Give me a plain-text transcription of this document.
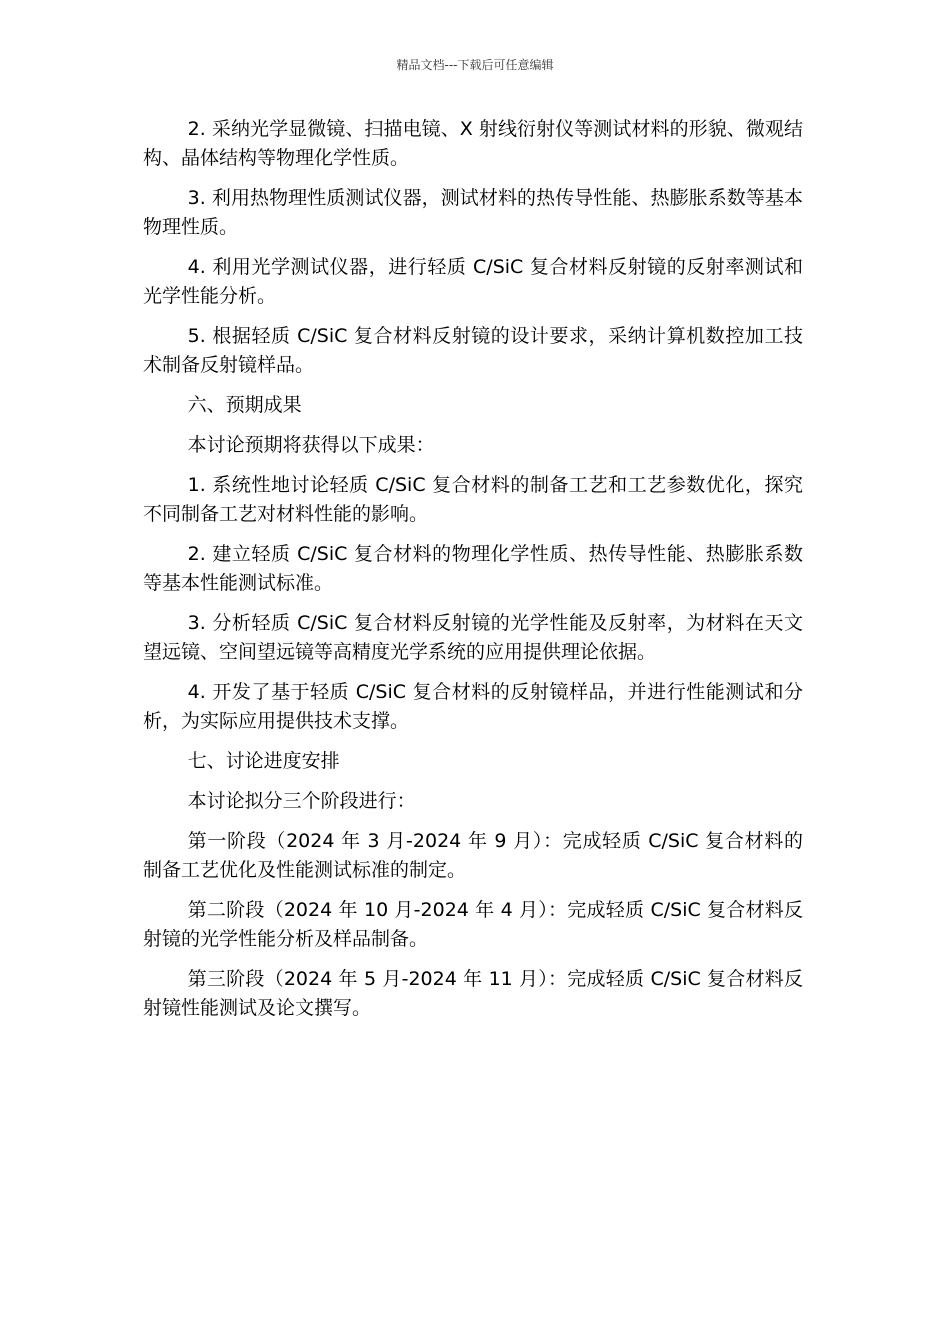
精品文档---下载后可任意编辑

2. 采纳光学显微镜、扫描电镜、X 射线衍射仪等测试材料的形貌、微观结构、晶体结构等物理化学性质。

3. 利用热物理性质测试仪器，测试材料的热传导性能、热膨胀系数等基本物理性质。

4. 利用光学测试仪器，进行轻质 C/SiC 复合材料反射镜的反射率测试和光学性能分析。

5. 根据轻质 C/SiC 复合材料反射镜的设计要求，采纳计算机数控加工技术制备反射镜样品。

六、预期成果

本讨论预期将获得以下成果：

1. 系统性地讨论轻质 C/SiC 复合材料的制备工艺和工艺参数优化，探究不同制备工艺对材料性能的影响。

2. 建立轻质 C/SiC 复合材料的物理化学性质、热传导性能、热膨胀系数等基本性能测试标准。

3. 分析轻质 C/SiC 复合材料反射镜的光学性能及反射率，为材料在天文望远镜、空间望远镜等高精度光学系统的应用提供理论依据。

4. 开发了基于轻质 C/SiC 复合材料的反射镜样品，并进行性能测试和分析，为实际应用提供技术支撑。

七、讨论进度安排

本讨论拟分三个阶段进行：

第一阶段（2024 年 3 月-2024 年 9 月）：完成轻质 C/SiC 复合材料的制备工艺优化及性能测试标准的制定。

第二阶段（2024 年 10 月-2024 年 4 月）：完成轻质 C/SiC 复合材料反射镜的光学性能分析及样品制备。

第三阶段（2024 年 5 月-2024 年 11 月）：完成轻质 C/SiC 复合材料反射镜性能测试及论文撰写。
